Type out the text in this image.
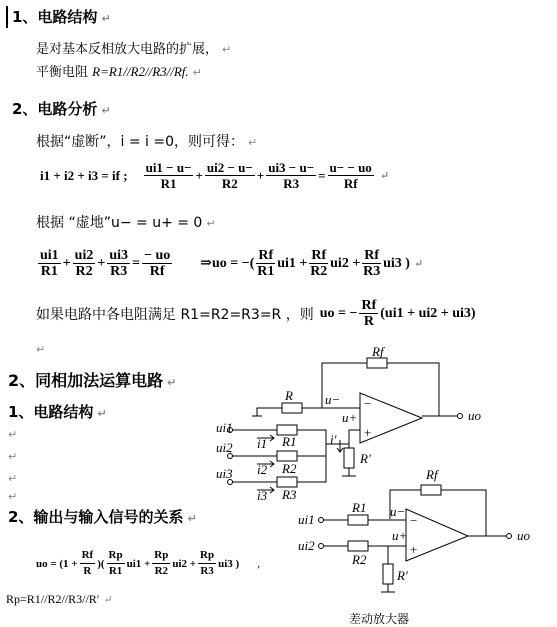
1、电路结构 ↵
是对基本反相放大电路的扩展， ↵
平衡电阻 R=R1//R2//R3//Rf. ↵
2、电路分析 ↵
根据“虚断”，i = i =0，则可得： ↵
i1 + i2 + i3 = if ; $\frac{ui1 - u-}{R1} + \frac{ui2 - u-}{R2} + \frac{ui3 - u-}{R3} = \frac{u- - uo}{Rf}$ ↵
根据 “虚地”u− = u+ = 0 ↵
$\frac{ui1}{R1} + \frac{ui2}{R2} + \frac{ui3}{R3} = \frac{- uo}{Rf}$ ⇒uo = −( $\frac{Rf}{R1} ui1 + \frac{Rf}{R2} ui2 + \frac{Rf}{R3} ui3$ ) ↵
如果电路中各电阻满足 R1=R2=R3=R ，则 uo = − $\frac{Rf}{R} (ui1 + ui2 + ui3)$
↵
2、同相加法运算电路 ↵
1、电路结构 ↵
↵
↵
↵
↵
2、输出与输入信号的关系 ↵
uo = ($1 + \frac{Rf}{R}$ )( $\frac{Rp}{R1} ui1 + \frac{Rp}{R2} ui2 + \frac{Rp}{R3} ui3$ ) ,
Rp=R1//R2//R3//R′ ↵
Rf
uo
−
+
R u−
u+
R1
ui1
i1
R2
ui2
i2
R3
ui3
i3
R′
i′
Rf
uo
−
+
R1
ui1
u−
R2
ui2
u+
R′
差动放大器
